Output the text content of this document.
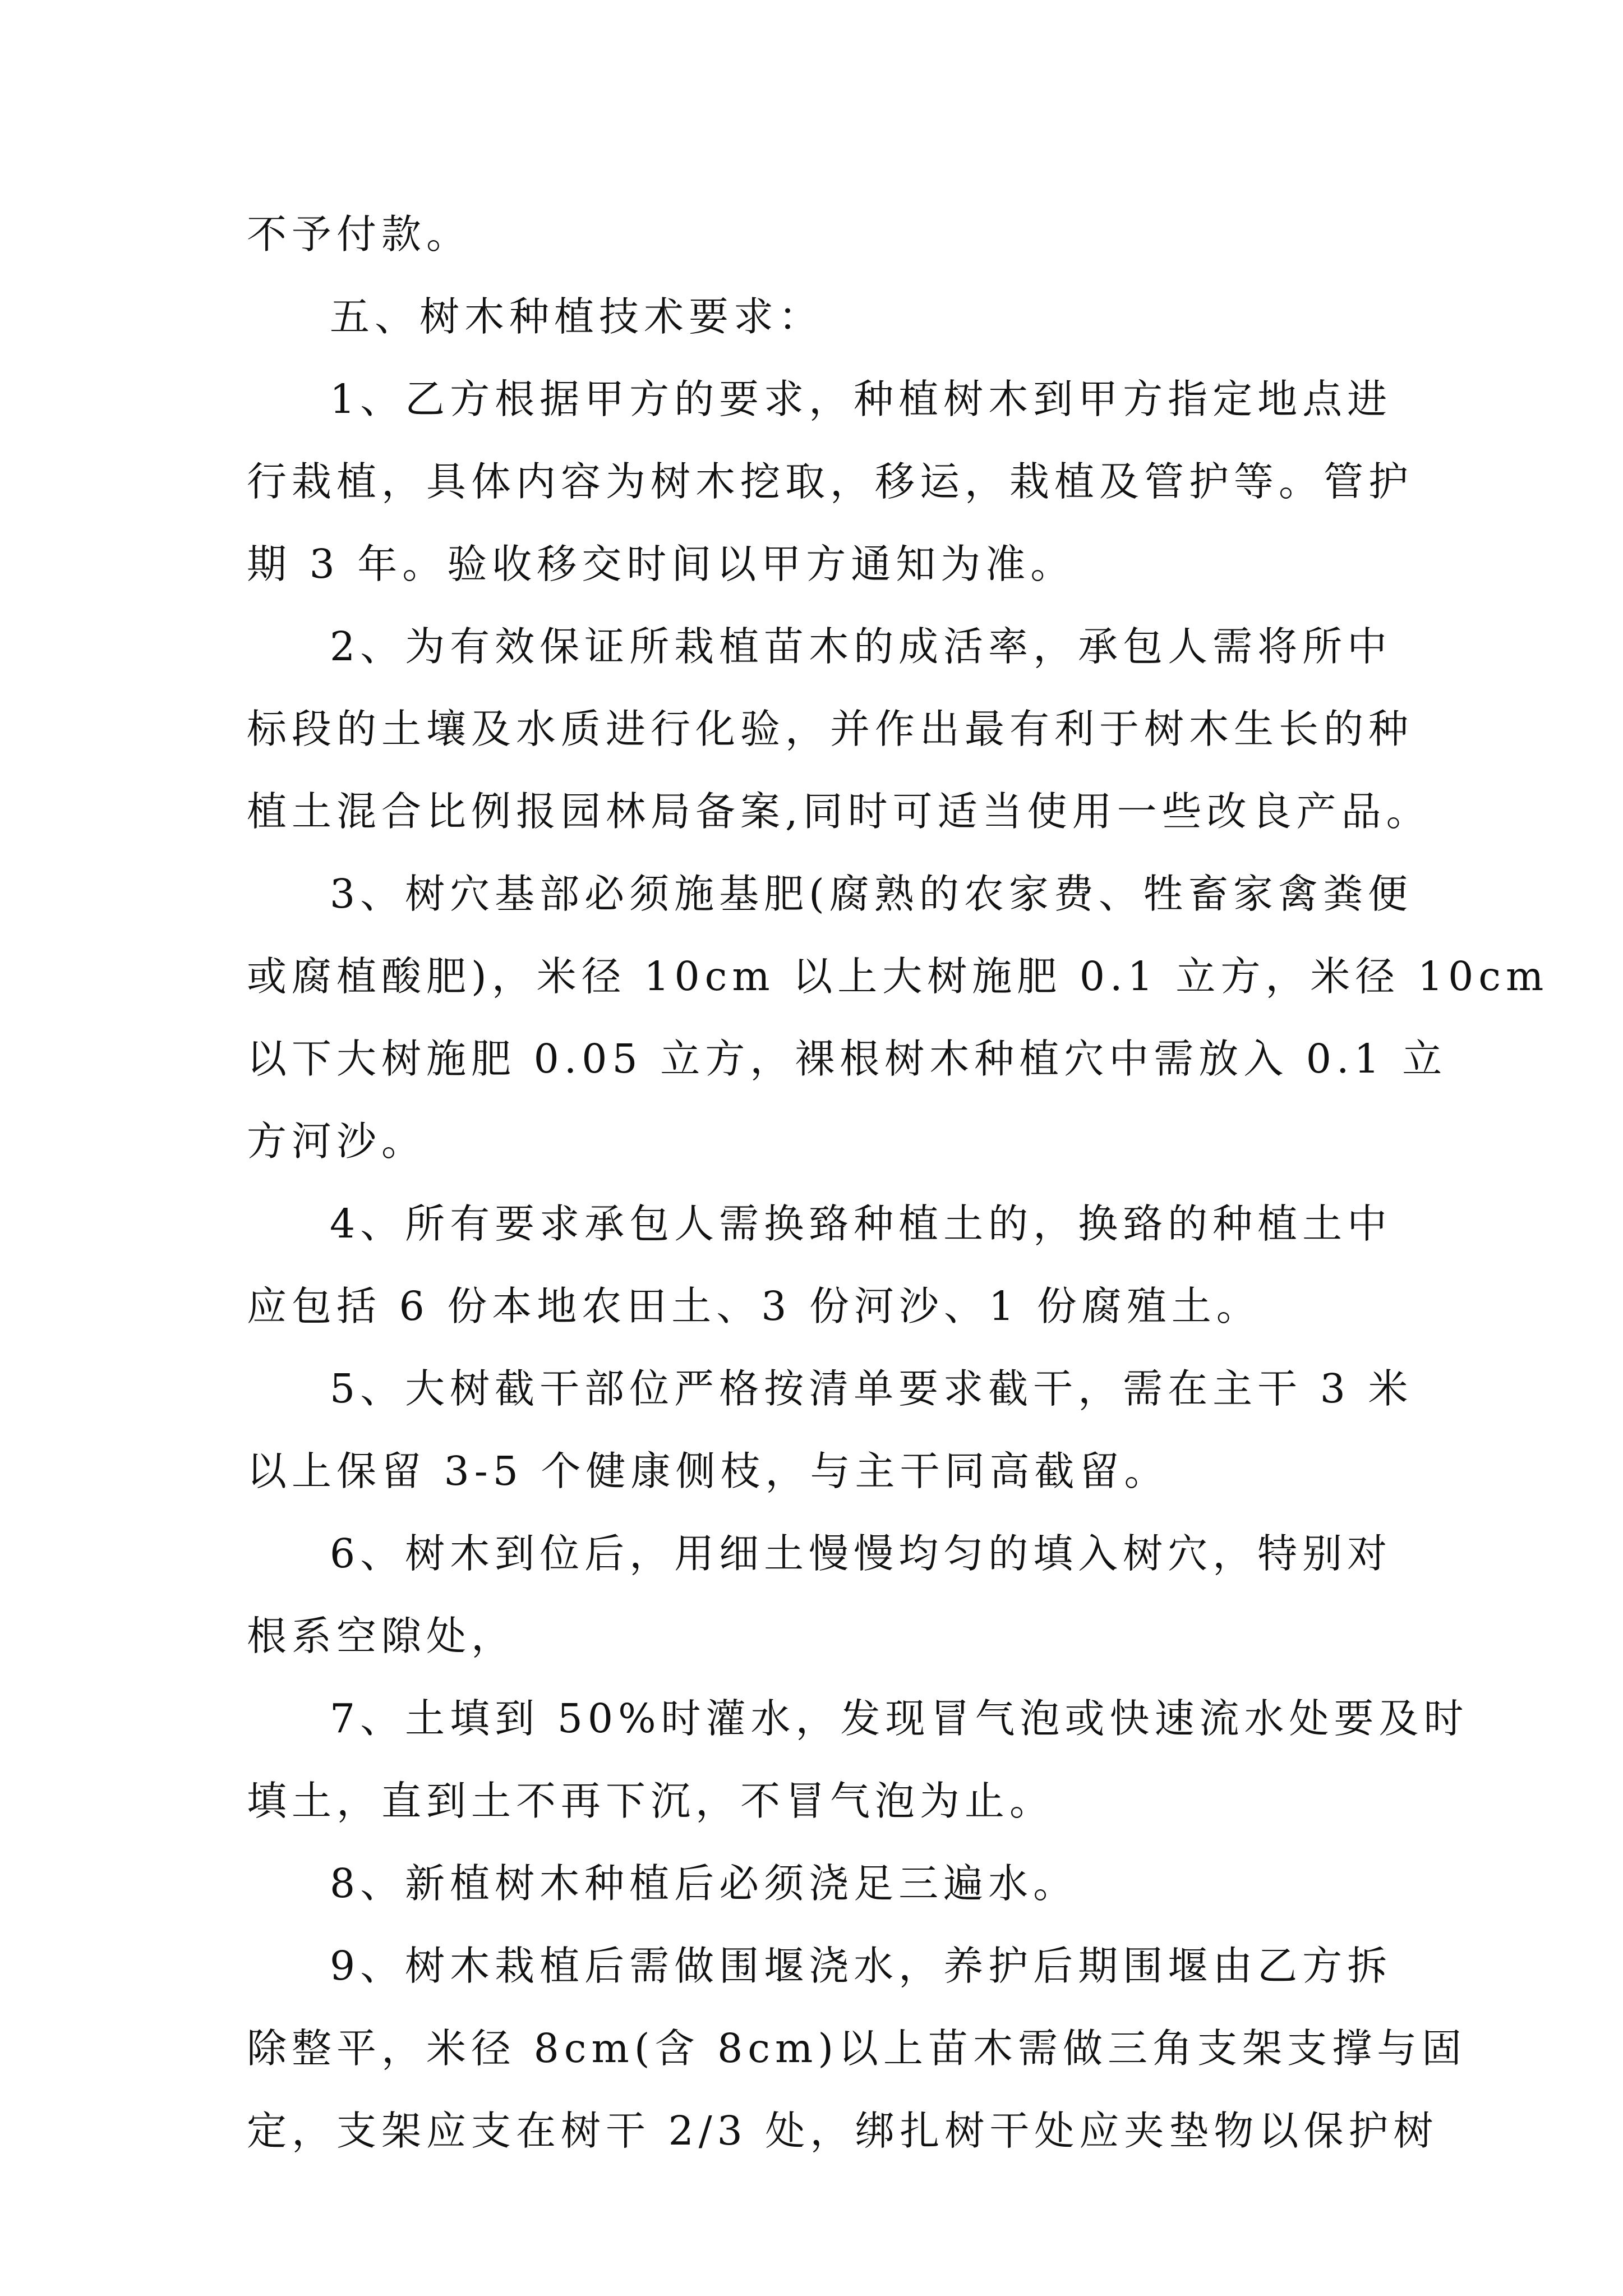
不予付款。
五、树木种植技术要求：
1、乙方根据甲方的要求，种植树木到甲方指定地点进
行栽植，具体内容为树木挖取，移运，栽植及管护等。管护
期 3 年。验收移交时间以甲方通知为准。
2、为有效保证所栽植苗木的成活率，承包人需将所中
标段的土壤及水质进行化验，并作出最有利于树木生长的种
植土混合比例报园林局备案,同时可适当使用一些改良产品。
3、树穴基部必须施基肥(腐熟的农家费、牲畜家禽粪便
或腐植酸肥)，米径 10cm 以上大树施肥 0.1 立方，米径 10cm
以下大树施肥 0.05 立方，裸根树木种植穴中需放入 0.1 立
方河沙。
4、所有要求承包人需换臵种植土的，换臵的种植土中
应包括 6 份本地农田土、3 份河沙、1 份腐殖土。
5、大树截干部位严格按清单要求截干，需在主干 3 米
以上保留 3-5 个健康侧枝，与主干同高截留。
6、树木到位后，用细土慢慢均匀的填入树穴，特别对
根系空隙处，
7、土填到 50%时灌水，发现冒气泡或快速流水处要及时
填土，直到土不再下沉，不冒气泡为止。
8、新植树木种植后必须浇足三遍水。
9、树木栽植后需做围堰浇水，养护后期围堰由乙方拆
除整平，米径 8cm(含 8cm)以上苗木需做三角支架支撑与固
定，支架应支在树干 2/3 处，绑扎树干处应夹垫物以保护树
